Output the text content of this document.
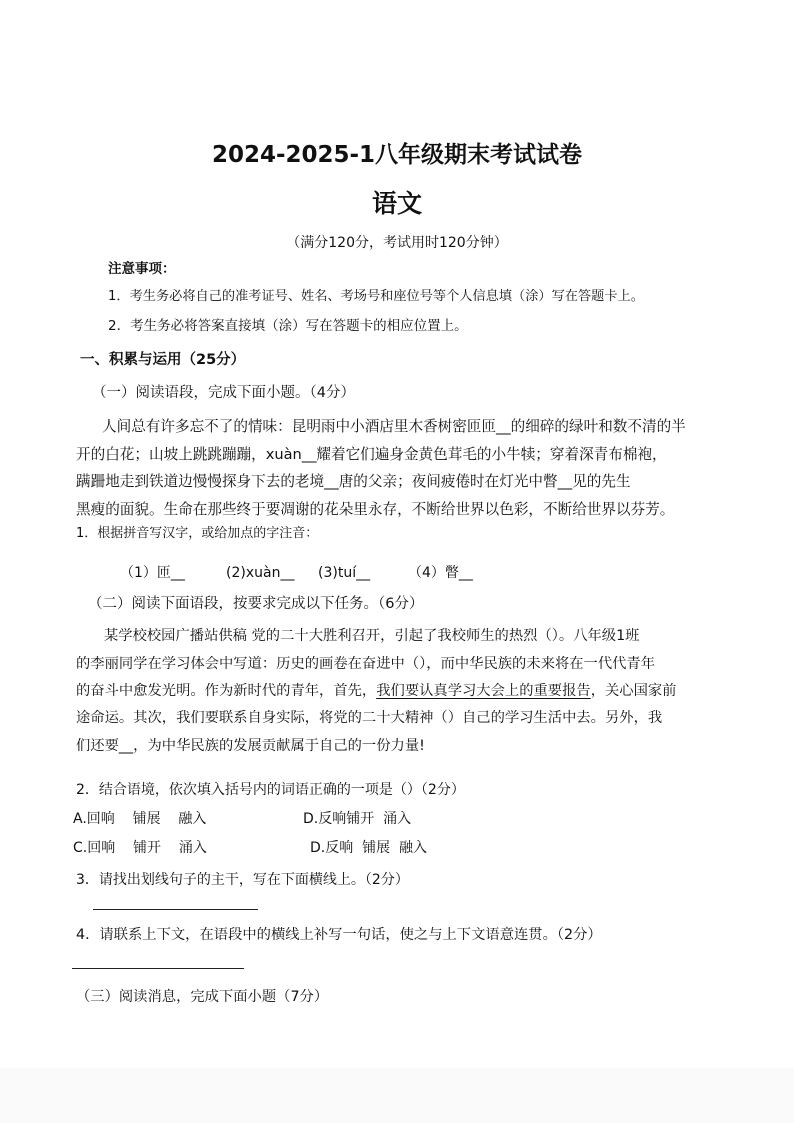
2024-2025-1八年级期末考试试卷
语文
（满分120分，考试用时120分钟）
注意事项：
1．考生务必将自己的准考证号、姓名、考场号和座位号等个人信息填（涂）写在答题卡上。
2．考生务必将答案直接填（涂）写在答题卡的相应位置上。
一、积累与运用（25分）
（一）阅读语段，完成下面小题。（4分）
人间总有许多忘不了的情味：昆明雨中小酒店里木香树密匝匝__的细碎的绿叶和数不清的半
开的白花；山坡上跳跳蹦蹦，xuàn__耀着它们遍身金黄色茸毛的小牛犊；穿着深青布棉袍，
蹒跚地走到铁道边慢慢探身下去的老境__唐的父亲；夜间疲倦时在灯光中瞥__见的先生
黑瘦的面貌。生命在那些终于要凋谢的花朵里永存，不断给世界以色彩，不断给世界以芬芳。
1．根据拼音写汉字，或给加点的字注音：
（1）匝__	(2)xuàn__ (3)tuí__	（4）瞥__
（二）阅读下面语段，按要求完成以下任务。（6分）
某学校校园广播站供稿 党的二十大胜利召开，引起了我校师生的热烈（）。八年级1班
的李丽同学在学习体会中写道：历史的画卷在奋进中（），而中华民族的未来将在一代代青年
的奋斗中愈发光明。作为新时代的青年，首先，我们要认真学习大会上的重要报告，关心国家前
途命运。其次，我们要联系自身实际，将党的二十大精神（）自己的学习生活中去。另外，我
们还要__，为中华民族的发展贡献属于自己的一份力量!
2．结合语境，依次填入括号内的词语正确的一项是（）（2分）
A.回响    铺展    融入	D.反响铺开  涌入
C.回响    铺开    涌入	D.反响  铺展  融入
3．请找出划线句子的主干，写在下面横线上。（2分）
4．请联系上下文，在语段中的横线上补写一句话，使之与上下文语意连贯。（2分）
（三）阅读消息，完成下面小题（7分）
